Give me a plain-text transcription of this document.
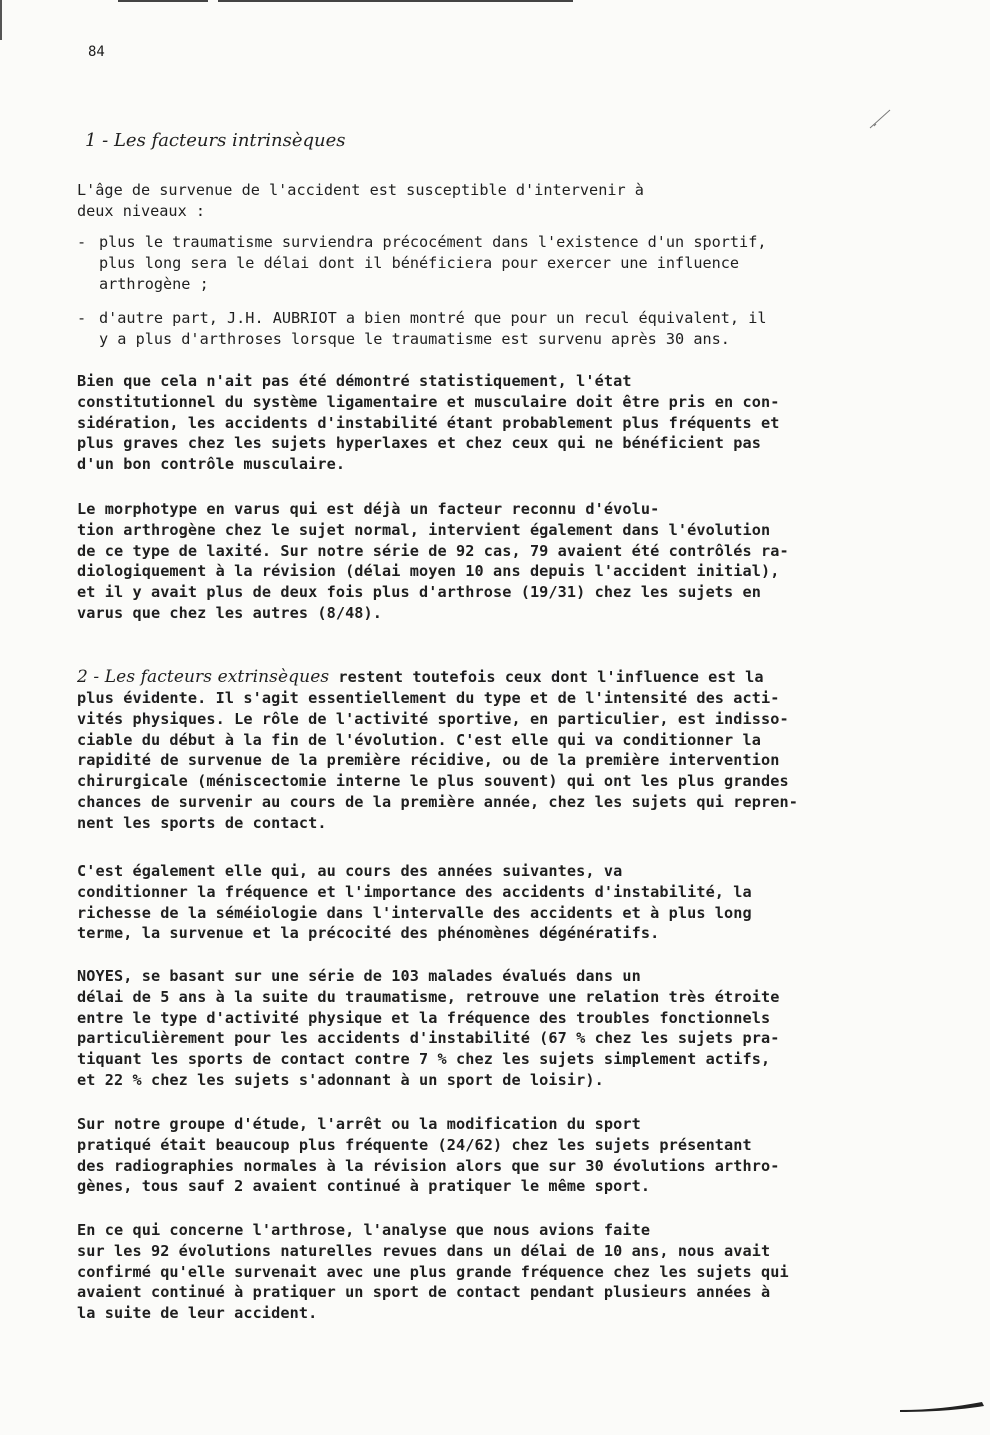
84
1 - Les facteurs intrinsèques
L'âge de survenue de l'accident est susceptible d'intervenir à
deux niveaux :
- plus le traumatisme surviendra précocément dans l'existence d'un sportif,
plus long sera le délai dont il bénéficiera pour exercer une influence
arthrogène ;
- d'autre part, J.H. AUBRIOT a bien montré que pour un recul équivalent, il
y a plus d'arthroses lorsque le traumatisme est survenu après 30 ans.
Bien que cela n'ait pas été démontré statistiquement, l'état
constitutionnel du système ligamentaire et musculaire doit être pris en con-
sidération, les accidents d'instabilité étant probablement plus fréquents et
plus graves chez les sujets hyperlaxes et chez ceux qui ne bénéficient pas
d'un bon contrôle musculaire.
Le morphotype en varus qui est déjà un facteur reconnu d'évolu-
tion arthrogène chez le sujet normal, intervient également dans l'évolution
de ce type de laxité. Sur notre série de 92 cas, 79 avaient été contrôlés ra-
diologiquement à la révision (délai moyen 10 ans depuis l'accident initial),
et il y avait plus de deux fois plus d'arthrose (19/31) chez les sujets en
varus que chez les autres (8/48).
2 - Les facteurs extrinsèques restent toutefois ceux dont l'influence est la
plus évidente. Il s'agit essentiellement du type et de l'intensité des acti-
vités physiques. Le rôle de l'activité sportive, en particulier, est indisso-
ciable du début à la fin de l'évolution. C'est elle qui va conditionner la
rapidité de survenue de la première récidive, ou de la première intervention
chirurgicale (méniscectomie interne le plus souvent) qui ont les plus grandes
chances de survenir au cours de la première année, chez les sujets qui repren-
nent les sports de contact.
C'est également elle qui, au cours des années suivantes, va
conditionner la fréquence et l'importance des accidents d'instabilité, la
richesse de la séméiologie dans l'intervalle des accidents et à plus long
terme, la survenue et la précocité des phénomènes dégénératifs.
NOYES, se basant sur une série de 103 malades évalués dans un
délai de 5 ans à la suite du traumatisme, retrouve une relation très étroite
entre le type d'activité physique et la fréquence des troubles fonctionnels
particulièrement pour les accidents d'instabilité (67 % chez les sujets pra-
tiquant les sports de contact contre 7 % chez les sujets simplement actifs,
et 22 % chez les sujets s'adonnant à un sport de loisir).
Sur notre groupe d'étude, l'arrêt ou la modification du sport
pratiqué était beaucoup plus fréquente (24/62) chez les sujets présentant
des radiographies normales à la révision alors que sur 30 évolutions arthro-
gènes, tous sauf 2 avaient continué à pratiquer le même sport.
En ce qui concerne l'arthrose, l'analyse que nous avions faite
sur les 92 évolutions naturelles revues dans un délai de 10 ans, nous avait
confirmé qu'elle survenait avec une plus grande fréquence chez les sujets qui
avaient continué à pratiquer un sport de contact pendant plusieurs années à
la suite de leur accident.
